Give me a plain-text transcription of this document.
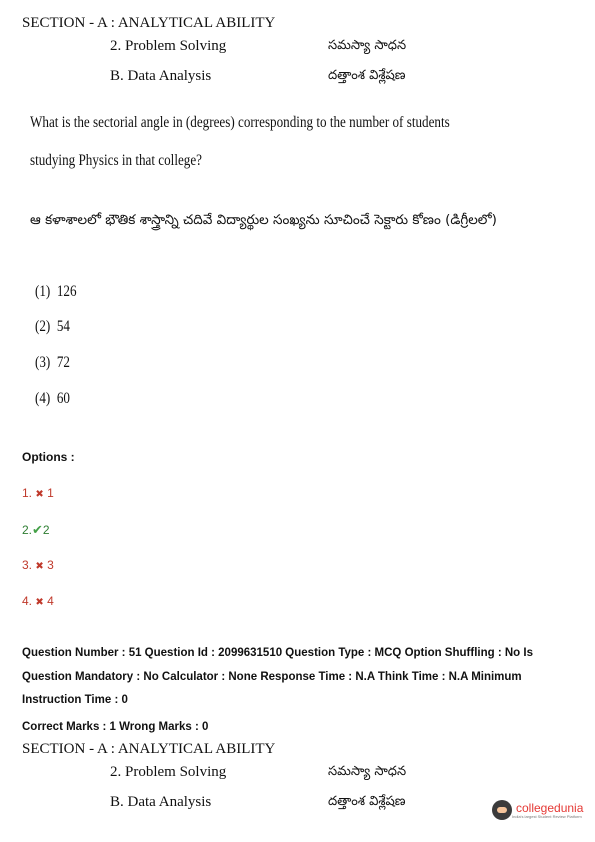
SECTION - A : ANALYTICAL ABILITY
2. Problem Solving	సమస్యా సాధన
B. Data Analysis	దత్తాంశ విశ్లేషణ
What is the sectorial angle in (degrees) corresponding to the number of students
studying Physics in that college?
ఆ కళాశాలలో భౌతిక శాస్త్రాన్ని చదివే విద్యార్థుల సంఖ్యను సూచించే సెక్టారు కోణం (డిగ్రీలలో)
(1) 126
(2) 54
(3) 72
(4) 60
Options :
1. ✖ 1
2.✔2
3. ✖ 3
4. ✖ 4
Question Number : 51 Question Id : 2099631510 Question Type : MCQ Option Shuffling : No Is
Question Mandatory : No Calculator : None Response Time : N.A Think Time : N.A Minimum
Instruction Time : 0
Correct Marks : 1 Wrong Marks : 0
SECTION - A : ANALYTICAL ABILITY
2. Problem Solving	సమస్యా సాధన
B. Data Analysis	దత్తాంశ విశ్లేషణ	collegedunia
India's largest Student Review Platform
